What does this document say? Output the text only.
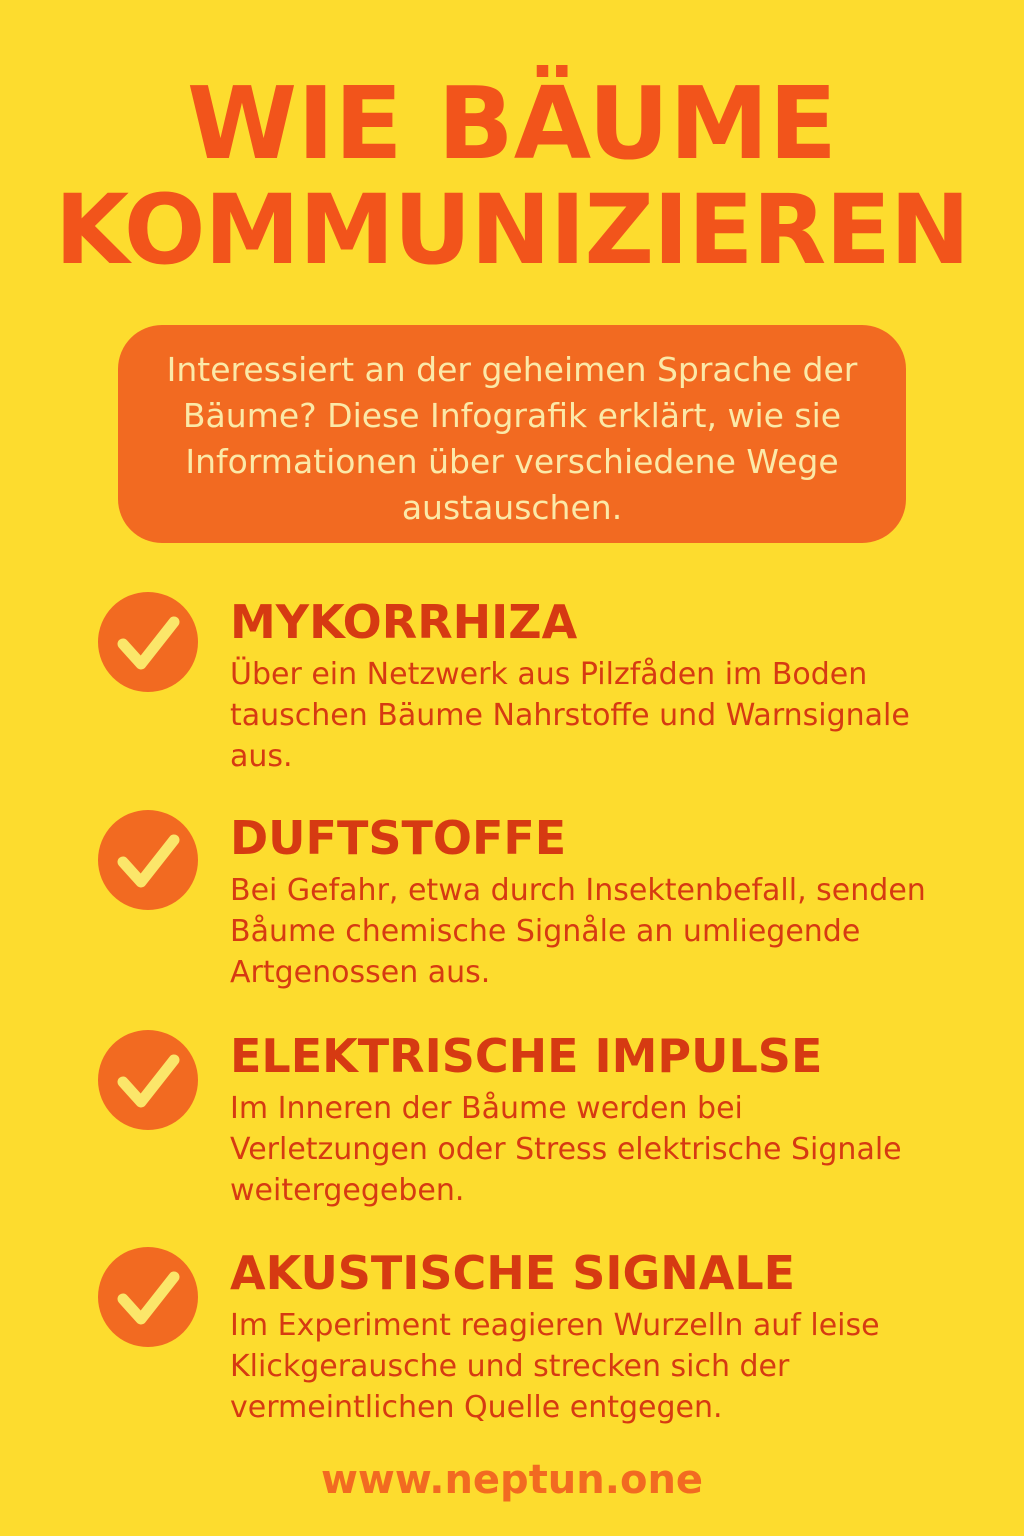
WIE BÄUME
KOMMUNIZIEREN

Interessiert an der geheimen Sprache der Bäume? Diese Infografik erklärt, wie sie Informationen über verschiedene Wege austauschen.

MYKORRHIZA

Über ein Netzwerk aus Pilzfåden im Boden tauschen Bäume Nahrstoffe und Warnsignale aus.

DUFTSTOFFE

Bei Gefahr, etwa durch Insektenbefall, senden Båume chemische Signåle an umliegende Artgenossen aus.

ELEKTRISCHE IMPULSE

Im Inneren der Båume werden bei Verletzungen oder Stress elektrische Signale weitergegeben.

AKUSTISCHE SIGNALE

Im Experiment reagieren Wurzelln auf leise Klickgerausche und strecken sich der vermeintlichen Quelle entgegen.

www.neptun.one
